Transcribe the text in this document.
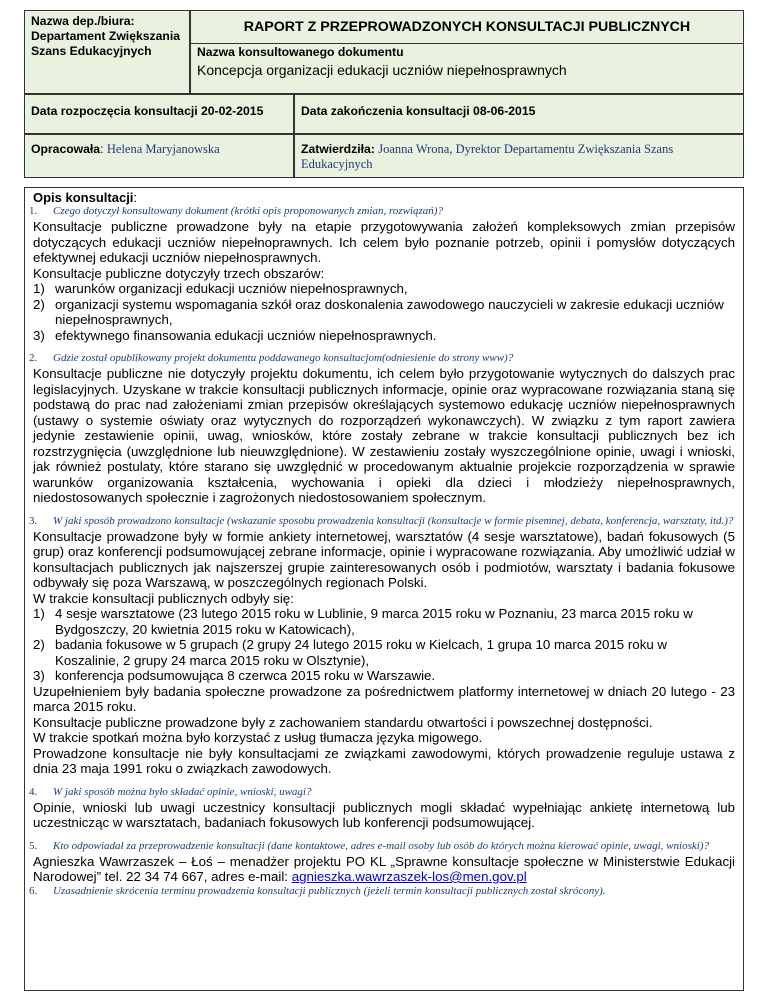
Nazwa dep./biura:
Departament Zwiększania Szans Edukacyjnych
RAPORT Z PRZEPROWADZONYCH KONSULTACJI PUBLICZNYCH
Nazwa konsultowanego dokumentu
Koncepcja organizacji edukacji uczniów niepełnosprawnych
Data rozpoczęcia konsultacji 20-02-2015	Data zakończenia konsultacji 08-06-2015
Opracowała: Helena Maryjanowska	Zatwierdziła: Joanna Wrona, Dyrektor Departamentu Zwiększania Szans Edukacyjnych
Opis konsultacji:
1. Czego dotyczył konsultowany dokument (krótki opis proponowanych zmian, rozwiązań)?

Konsultacje publiczne prowadzone były na etapie przygotowywania założeń kompleksowych zmian przepisów dotyczących edukacji uczniów niepełnoprawnych. Ich celem było poznanie potrzeb, opinii i pomysłów dotyczących efektywnej edukacji uczniów niepełnosprawnych.

Konsultacje publiczne dotyczyły trzech obszarów:

1) warunków organizacji edukacji uczniów niepełnosprawnych,
2) organizacji systemu wspomagania szkół oraz doskonalenia zawodowego nauczycieli w zakresie edukacji uczniów niepełnosprawnych,
3) efektywnego finansowania edukacji uczniów niepełnosprawnych.
2. Gdzie został opublikowany projekt dokumentu poddawanego konsultacjom(odniesienie do strony www)?

Konsultacje publiczne nie dotyczyły projektu dokumentu, ich celem było przygotowanie wytycznych do dalszych prac legislacyjnych. Uzyskane w trakcie konsultacji publicznych informacje, opinie oraz wypracowane rozwiązania staną się podstawą do prac nad założeniami zmian przepisów określających systemowo edukację uczniów niepełnosprawnych (ustawy o systemie oświaty oraz wytycznych do rozporządzeń wykonawczych). W związku z tym raport zawiera jedynie zestawienie opinii, uwag, wniosków, które zostały zebrane w trakcie konsultacji publicznych bez ich rozstrzygnięcia (uwzględnione lub nieuwzględnione). W zestawieniu zostały wyszczególnione opinie, uwagi i wnioski, jak również postulaty, które starano się uwzględnić w procedowanym aktualnie projekcie rozporządzenia w sprawie warunków organizowania kształcenia, wychowania i opieki dla dzieci i młodzieży niepełnosprawnych, niedostosowanych społecznie i zagrożonych niedostosowaniem społecznym.

3. W jaki sposób prowadzono konsultacje (wskazanie sposobu prowadzenia konsultacji (konsultacje w formie pisemnej, debata, konferencja, warsztaty, itd.)?

Konsultacje prowadzone były w formie ankiety internetowej, warsztatów (4 sesje warsztatowe), badań fokusowych (5 grup) oraz konferencji podsumowującej zebrane informacje, opinie i wypracowane rozwiązania. Aby umożliwić udział w konsultacjach publicznych jak najszerszej grupie zainteresowanych osób i podmiotów, warsztaty i badania fokusowe odbywały się poza Warszawą, w poszczególnych regionach Polski.

W trakcie konsultacji publicznych odbyły się:

1) 4 sesje warsztatowe (23 lutego 2015 roku w Lublinie, 9 marca 2015 roku w Poznaniu, 23 marca 2015 roku w Bydgoszczy, 20 kwietnia 2015 roku w Katowicach),
2) badania fokusowe w 5 grupach (2 grupy 24 lutego 2015 roku w Kielcach, 1 grupa 10 marca 2015 roku w Koszalinie, 2 grupy 24 marca 2015 roku w Olsztynie),
3) konferencja podsumowująca 8 czerwca 2015 roku w Warszawie.

Uzupełnieniem były badania społeczne prowadzone za pośrednictwem platformy internetowej w dniach 20 lutego - 23 marca 2015 roku.

Konsultacje publiczne prowadzone były z zachowaniem standardu otwartości i powszechnej dostępności.

W trakcie spotkań można było korzystać z usług tłumacza języka migowego.

Prowadzone konsultacje nie były konsultacjami ze związkami zawodowymi, których prowadzenie reguluje ustawa z dnia 23 maja 1991 roku o związkach zawodowych.

4. W jaki sposób można było składać opinie, wnioski, uwagi?

Opinie, wnioski lub uwagi uczestnicy konsultacji publicznych mogli składać wypełniając ankietę internetową lub uczestnicząc w warsztatach, badaniach fokusowych lub konferencji podsumowującej.

5. Kto odpowiadał za przeprowadzenie konsultacji (dane kontaktowe, adres e-mail osoby lub osób do których można kierować opinie, uwagi, wnioski)?

Agnieszka Wawrzaszek – Łoś – menadżer projektu PO KL „Sprawne konsultacje społeczne w Ministerstwie Edukacji Narodowej” tel. 22 34 74 667, adres e-mail: agnieszka.wawrzaszek-los@men.gov.pl

6. Uzasadnienie skrócenia terminu prowadzenia konsultacji publicznych (jeżeli termin konsultacji publicznych został skrócony).
